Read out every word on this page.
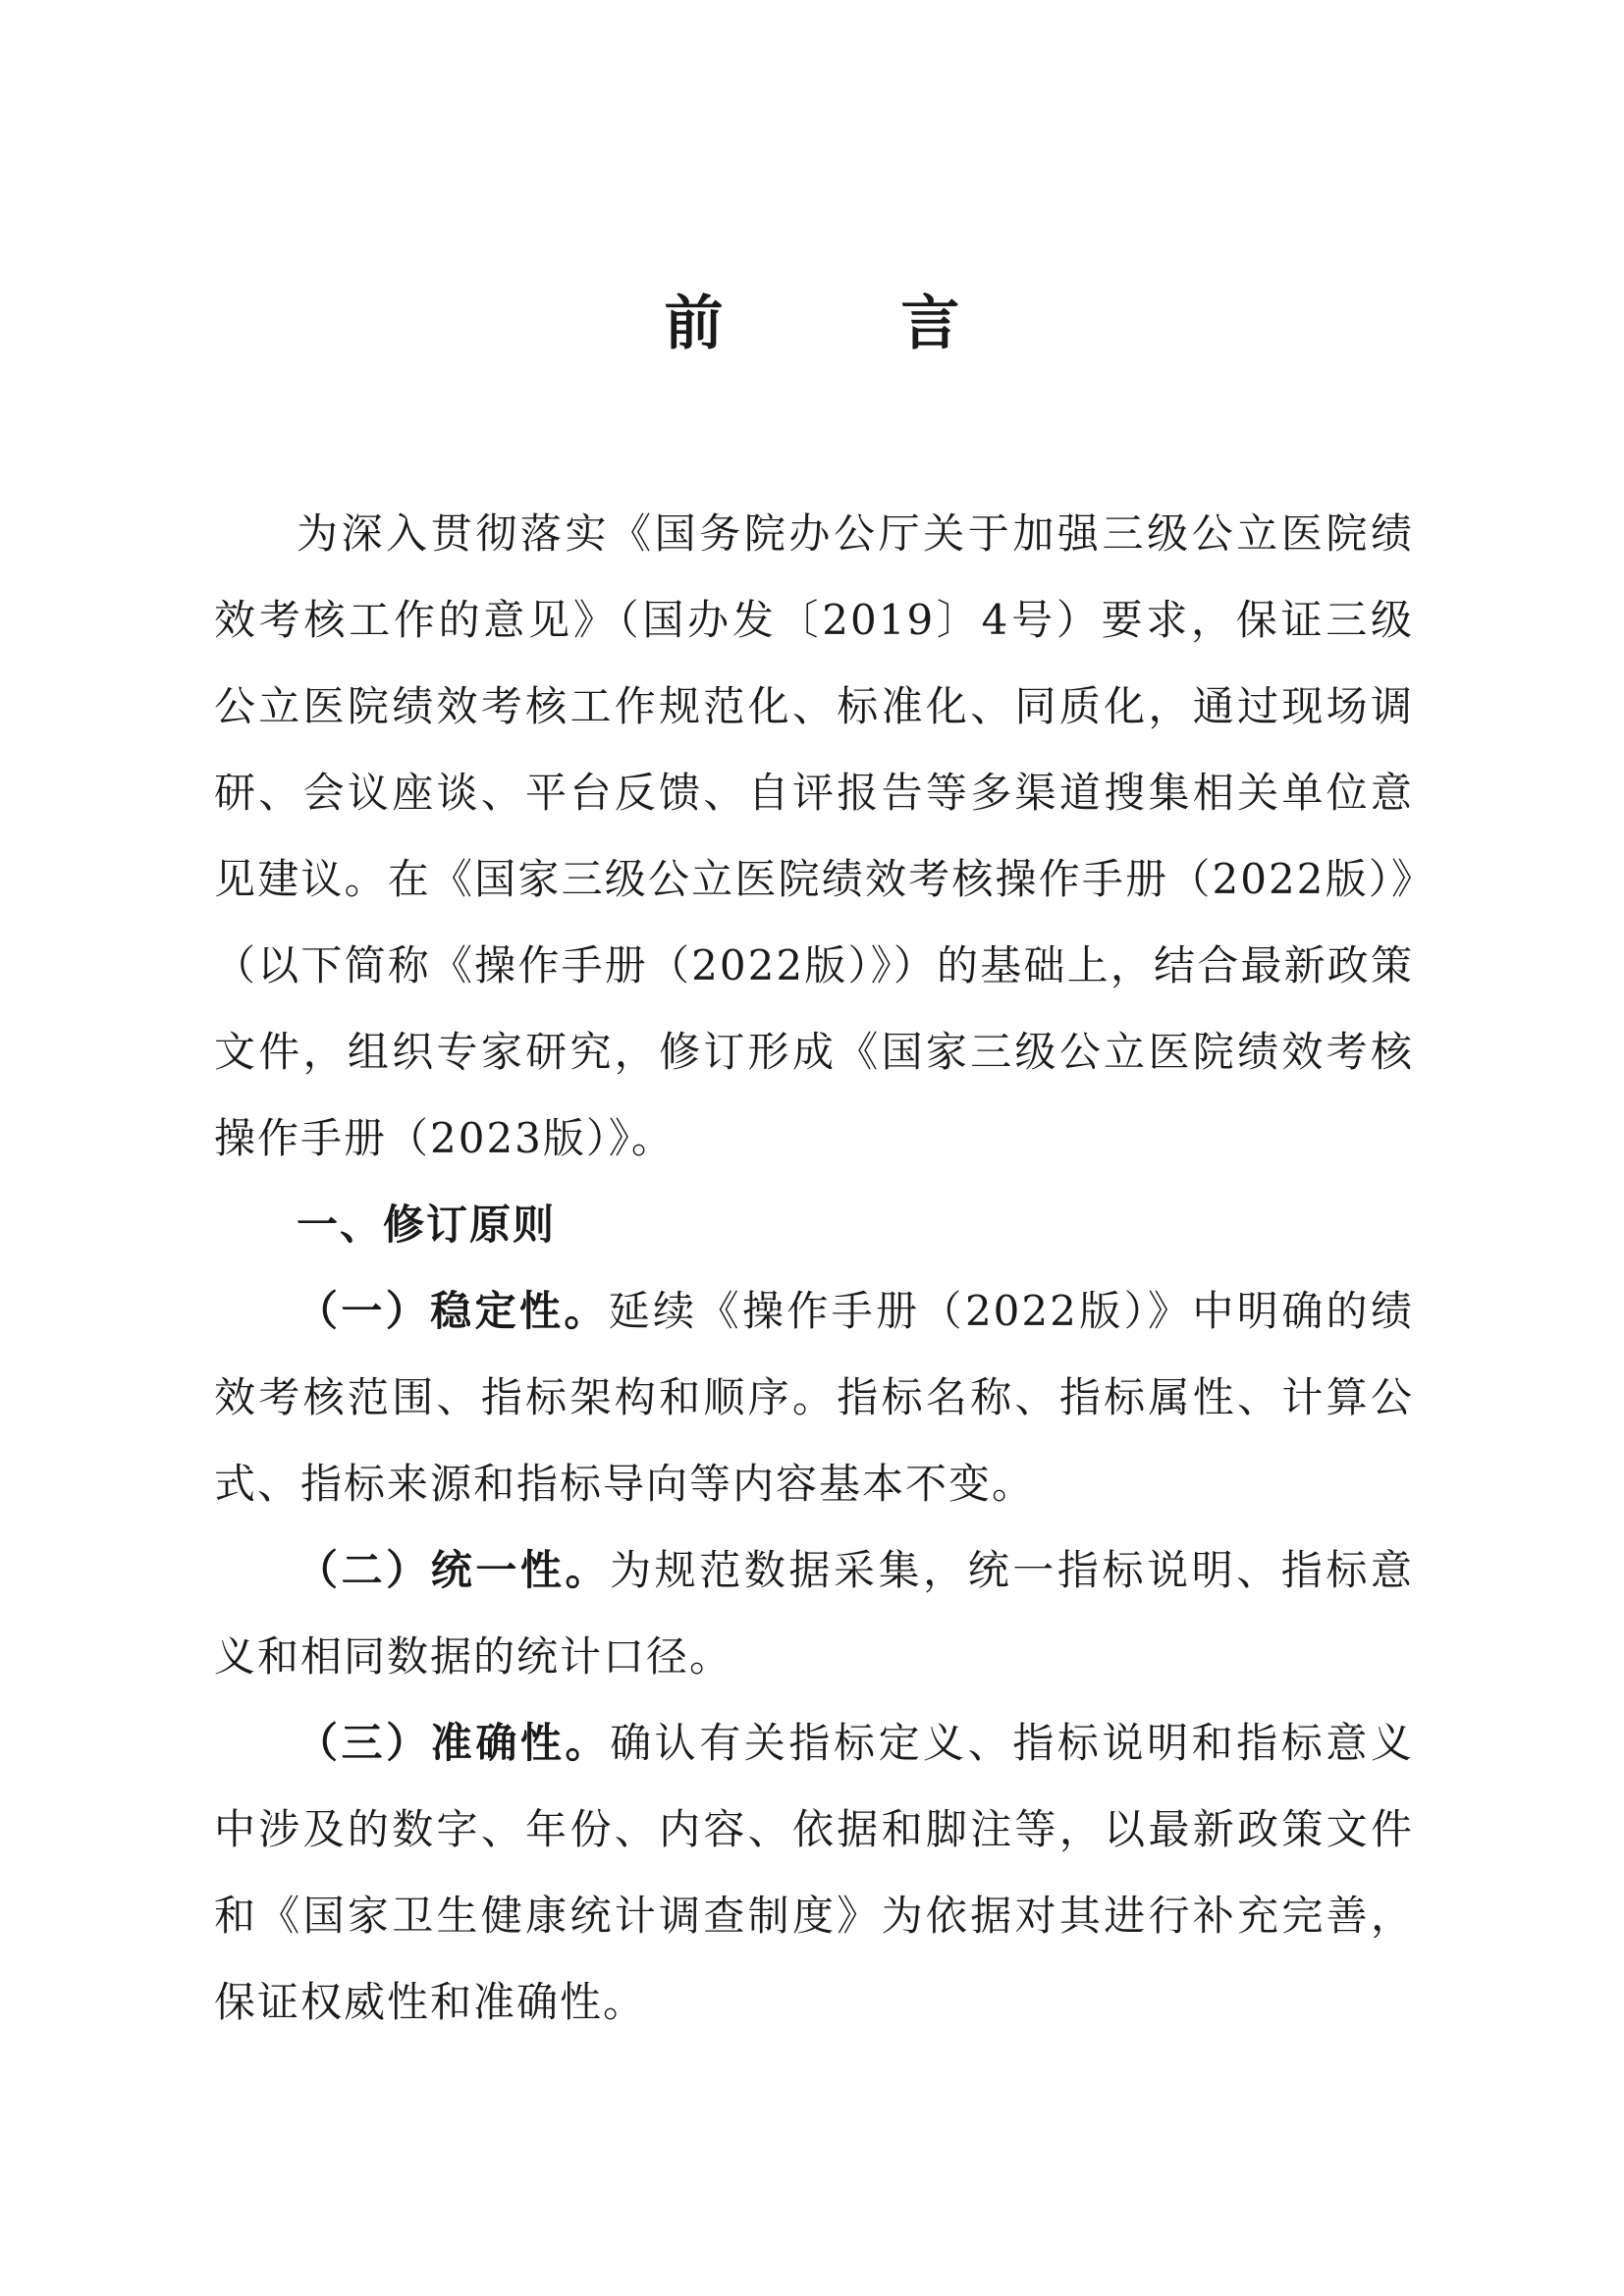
前 言

为深入贯彻落实《国务院办公厅关于加强三级公立医院绩效考核工作的意见》（国办发〔2019〕4号）要求，保证三级公立医院绩效考核工作规范化、标准化、同质化，通过现场调研、会议座谈、平台反馈、自评报告等多渠道搜集相关单位意见建议。在《国家三级公立医院绩效考核操作手册（2022版）》（以下简称《操作手册（2022版）》）的基础上，结合最新政策文件，组织专家研究，修订形成《国家三级公立医院绩效考核操作手册（2023版）》。

一、修订原则

（一）稳定性。延续《操作手册（2022版）》中明确的绩效考核范围、指标架构和顺序。指标名称、指标属性、计算公式、指标来源和指标导向等内容基本不变。

（二）统一性。为规范数据采集，统一指标说明、指标意义和相同数据的统计口径。

（三）准确性。确认有关指标定义、指标说明和指标意义中涉及的数字、年份、内容、依据和脚注等，以最新政策文件和《国家卫生健康统计调查制度》为依据对其进行补充完善，保证权威性和准确性。
